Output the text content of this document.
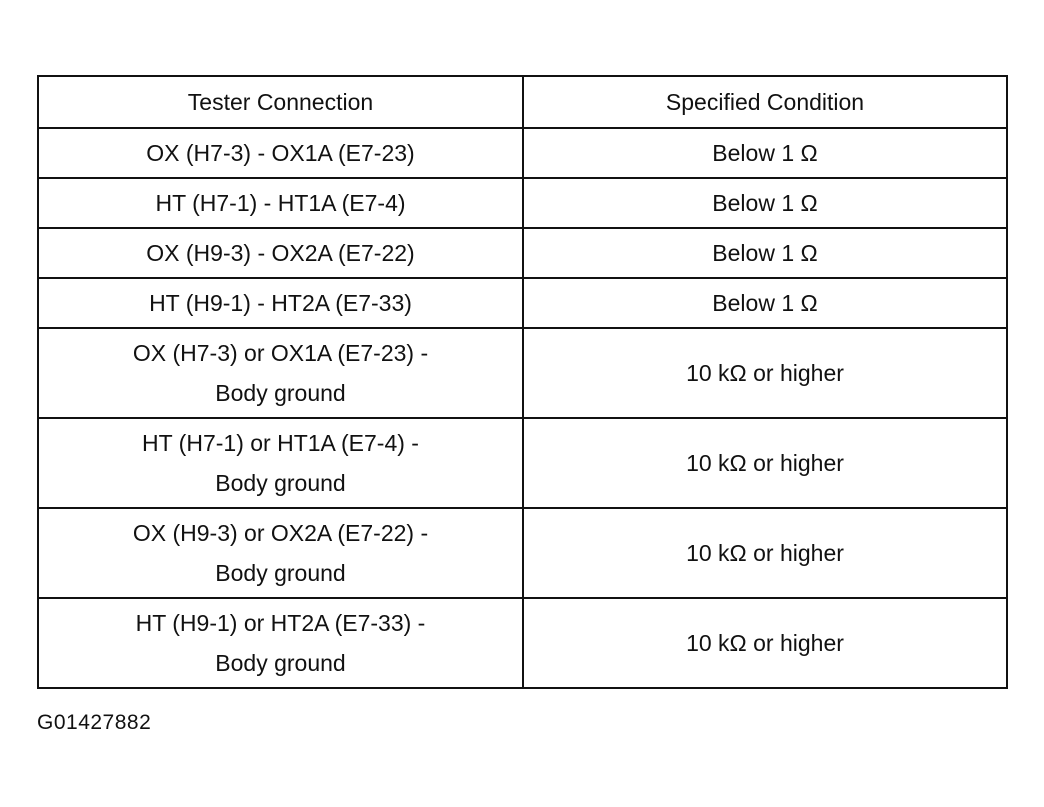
Tester Connection	Specified Condition

OX (H7-3) - OX1A (E7-23)	Below 1 Ω

HT (H7-1) - HT1A (E7-4)	Below 1 Ω

OX (H9-3) - OX2A (E7-22)	Below 1 Ω

HT (H9-1) - HT2A (E7-33)	Below 1 Ω

OX (H7-3) or OX1A (E7-23) -
Body ground	10 kΩ or higher

HT (H7-1) or HT1A (E7-4) -
Body ground	10 kΩ or higher

OX (H9-3) or OX2A (E7-22) -
Body ground	10 kΩ or higher

HT (H9-1) or HT2A (E7-33) -
Body ground	10 kΩ or higher
G01427882
